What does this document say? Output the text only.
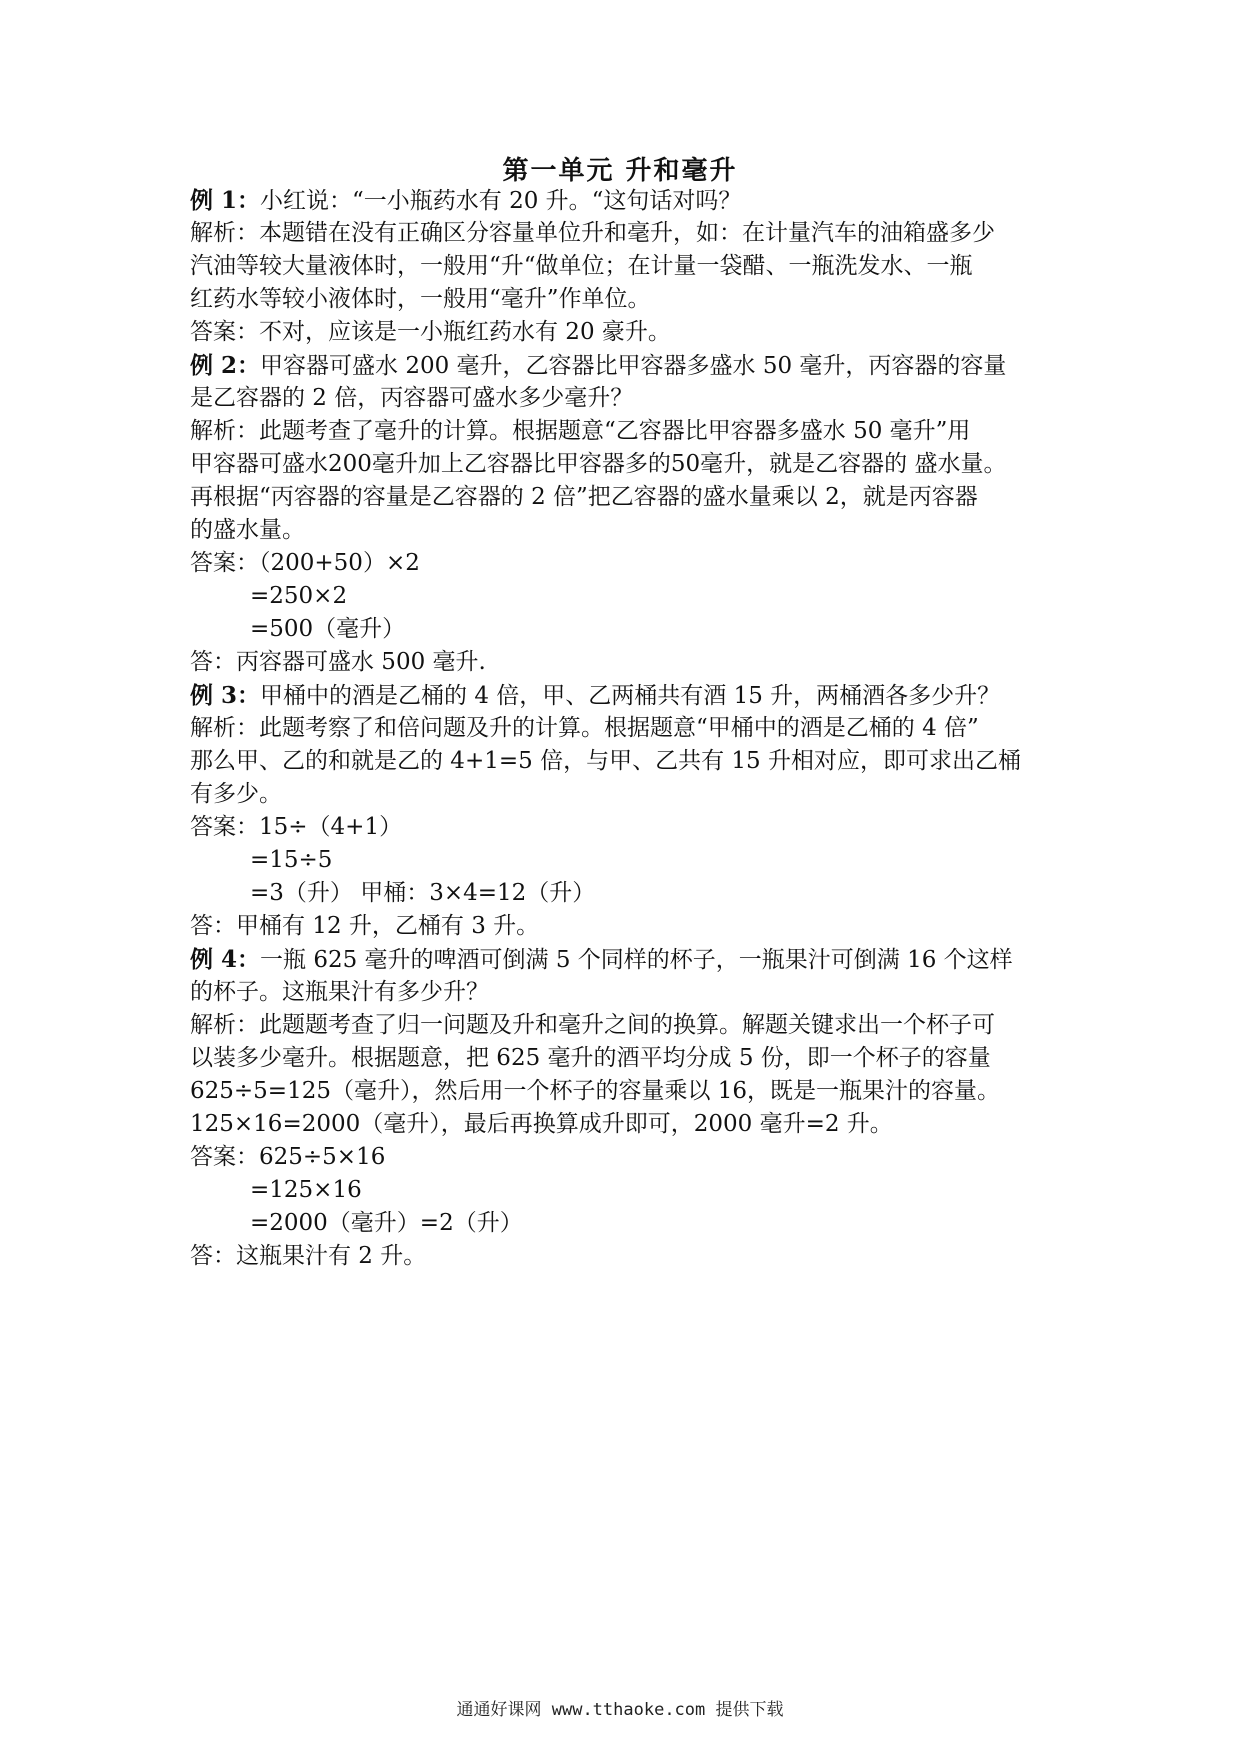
第一单元 升和毫升
例 1：小红说：“一小瓶药水有 20 升。“这句话对吗？
解析：本题错在没有正确区分容量单位升和毫升，如：在计量汽车的油箱盛多少
汽油等较大量液体时，一般用“升“做单位；在计量一袋醋、一瓶洗发水、一瓶
红药水等较小液体时，一般用“毫升”作单位。
答案：不对，应该是一小瓶红药水有 20 豪升。
例 2：甲容器可盛水 200 毫升，乙容器比甲容器多盛水 50 毫升，丙容器的容量
是乙容器的 2 倍，丙容器可盛水多少毫升？
解析：此题考查了毫升的计算。根据题意“乙容器比甲容器多盛水 50 毫升”用
甲容器可盛水200毫升加上乙容器比甲容器多的50毫升，就是乙容器的 盛水量。
再根据“丙容器的容量是乙容器的 2 倍”把乙容器的盛水量乘以 2，就是丙容器
的盛水量。
答案：（200+50）×2
=250×2
=500（毫升）
答：丙容器可盛水 500 毫升.
例 3：甲桶中的酒是乙桶的 4 倍，甲、乙两桶共有酒 15 升，两桶酒各多少升？
解析：此题考察了和倍问题及升的计算。根据题意“甲桶中的酒是乙桶的 4 倍”
那么甲、乙的和就是乙的 4+1=5 倍，与甲、乙共有 15 升相对应，即可求出乙桶
有多少。
答案：15÷（4+1）
=15÷5
=3（升） 甲桶：3×4=12（升）
答：甲桶有 12 升，乙桶有 3 升。
例 4：一瓶 625 毫升的啤酒可倒满 5 个同样的杯子，一瓶果汁可倒满 16 个这样
的杯子。这瓶果汁有多少升？
解析：此题题考查了归一问题及升和毫升之间的换算。解题关键求出一个杯子可
以装多少毫升。根据题意，把 625 毫升的酒平均分成 5 份，即一个杯子的容量
625÷5=125（毫升），然后用一个杯子的容量乘以 16，既是一瓶果汁的容量。
125×16=2000（毫升），最后再换算成升即可，2000 毫升=2 升。
答案：625÷5×16
=125×16
=2000（毫升）=2（升）
答：这瓶果汁有 2 升。
通通好课网 www.tthaoke.com 提供下载
